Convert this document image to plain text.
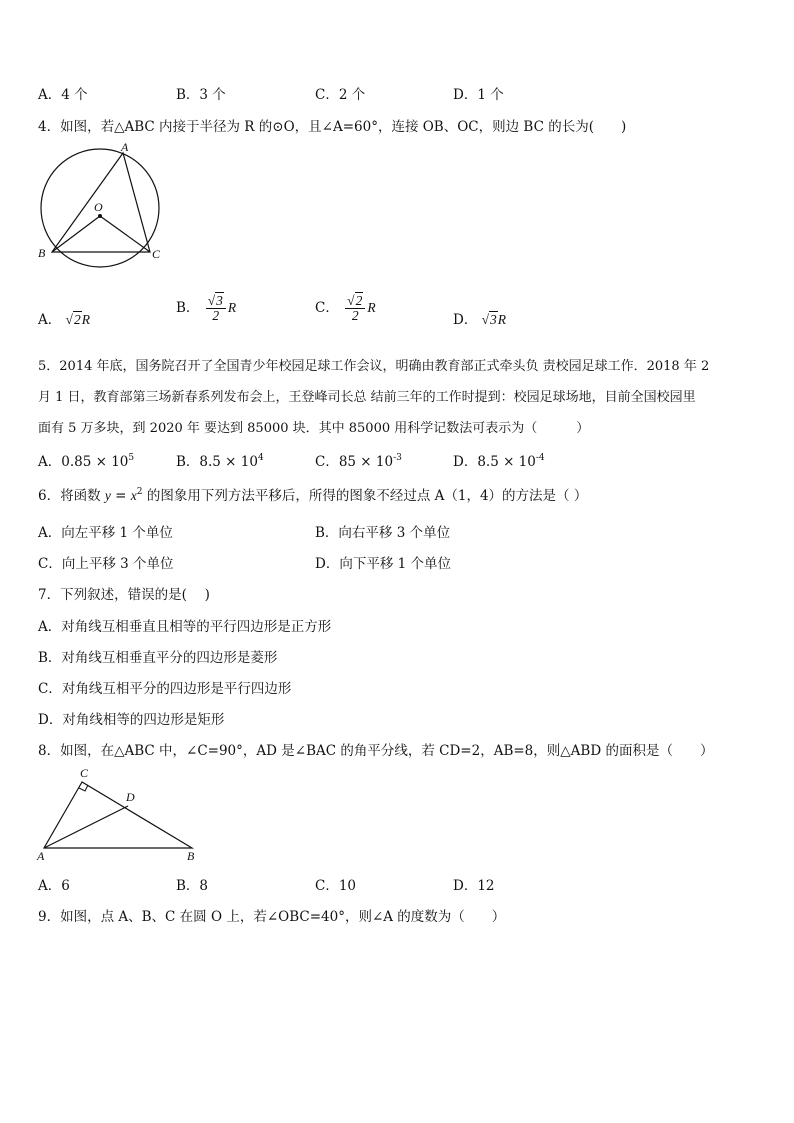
A．4 个	B．3 个	C．2 个	D．1 个
4．如图，若△ABC 内接于半径为 R 的⊙O，且∠A=60°，连接 OB、OC，则边 BC 的长为(　　)
A
O
B	C
A． √2R
B． $\frac{√3}{2}$ R	C． $\frac{√2}{2}$ R
D． √3R
5．2014 年底，国务院召开了全国青少年校园足球工作会议，明确由教育部正式牵头负 责校园足球工作．2018 年 2
月 1 日，教育部第三场新春系列发布会上，王登峰司长总 结前三年的工作时提到：校园足球场地，目前全国校园里
面有 5 万多块，到 2020 年 要达到 85000 块．其中 85000 用科学记数法可表示为（　　　）
A．$0.85 \times 10^5$	B．$8.5 \times 10^4$	C．$85 \times 10^{-3}$	D．$8.5 \times 10^{-4}$
6．将函数 $y = x^2$ 的图象用下列方法平移后，所得的图象不经过点 A（1，4）的方法是（ ）
A．向左平移 1 个单位	B．向右平移 3 个单位
C．向上平移 3 个单位	D．向下平移 1 个单位
7．下列叙述，错误的是(　 )
A．对角线互相垂直且相等的平行四边形是正方形
B．对角线互相垂直平分的四边形是菱形
C．对角线互相平分的四边形是平行四边形
D．对角线相等的四边形是矩形
8．如图，在△ABC 中，∠C=90°，AD 是∠BAC 的角平分线，若 CD=2，AB=8，则△ABD 的面积是（　　）
C
D
A	B
A．6	B．8	C．10	D．12
9．如图，点 A、B、C 在圆 O 上，若∠OBC=40°，则∠A 的度数为（　　）
